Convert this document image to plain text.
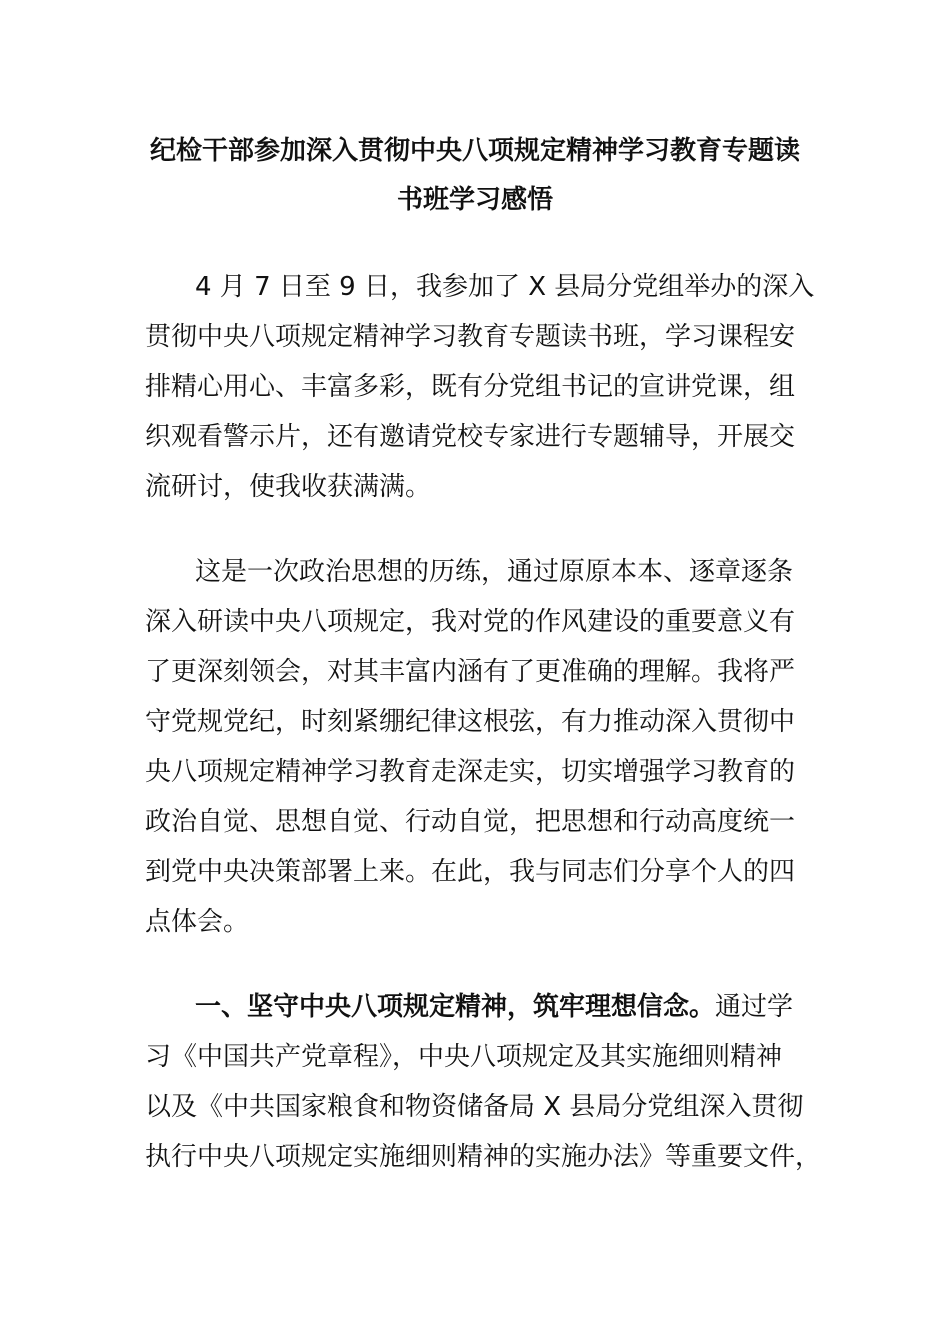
纪检干部参加深入贯彻中央八项规定精神学习教育专题读
书班学习感悟
4 月 7 日至 9 日，我参加了 X 县局分党组举办的深入
贯彻中央八项规定精神学习教育专题读书班，学习课程安
排精心用心、丰富多彩，既有分党组书记的宣讲党课，组
织观看警示片，还有邀请党校专家进行专题辅导，开展交
流研讨，使我收获满满。
这是一次政治思想的历练，通过原原本本、逐章逐条
深入研读中央八项规定，我对党的作风建设的重要意义有
了更深刻领会，对其丰富内涵有了更准确的理解。我将严
守党规党纪，时刻紧绷纪律这根弦，有力推动深入贯彻中
央八项规定精神学习教育走深走实，切实增强学习教育的
政治自觉、思想自觉、行动自觉，把思想和行动高度统一
到党中央决策部署上来。在此，我与同志们分享个人的四
点体会。
一、坚守中央八项规定精神，筑牢理想信念。通过学
习《中国共产党章程》，中央八项规定及其实施细则精神
以及《中共国家粮食和物资储备局 X 县局分党组深入贯彻
执行中央八项规定实施细则精神的实施办法》等重要文件，
